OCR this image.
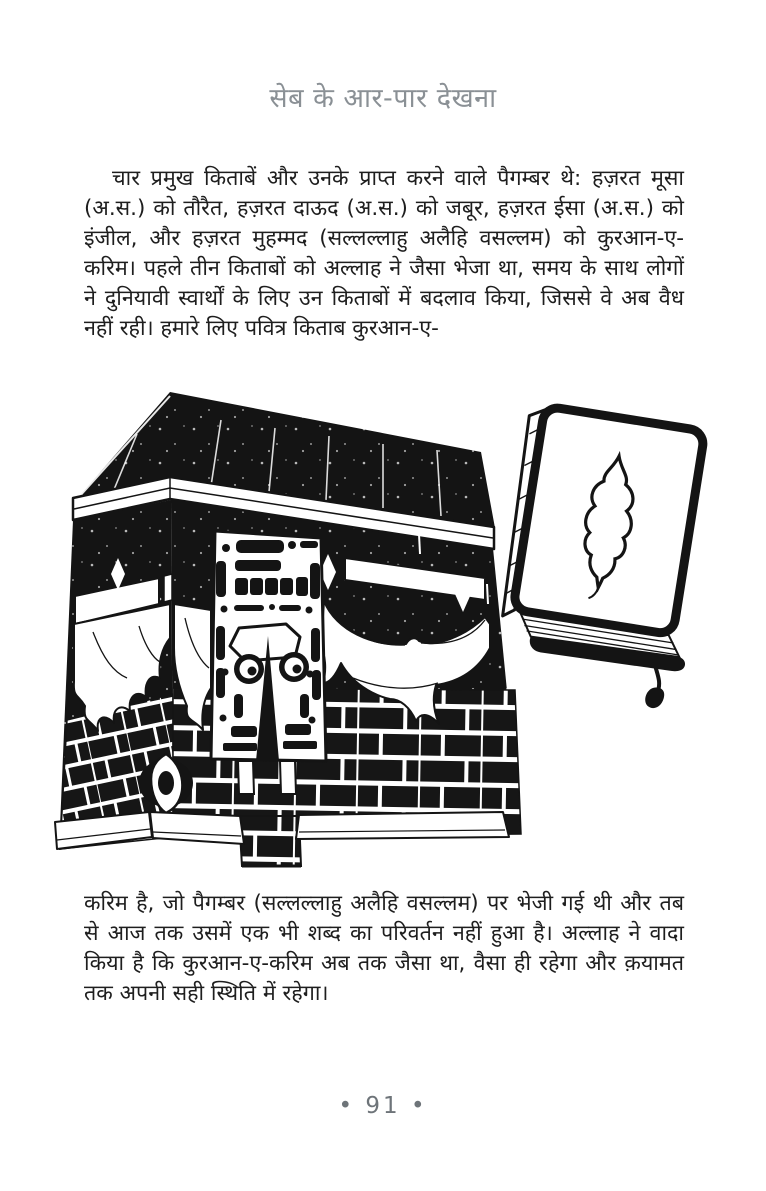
सेब के आर-पार देखना

चार प्रमुख किताबें और उनके प्राप्त करने वाले पैगम्बर थे: हज़रत मूसा (अ.स.) को तौरैत, हज़रत दाऊद (अ.स.) को जबूर, हज़रत ईसा (अ.स.) को इंजील, और हज़रत मुहम्मद (सल्लल्लाहु अलैहि वसल्लम) को कुरआन-ए-करिम। पहले तीन किताबों को अल्लाह ने जैसा भेजा था, समय के साथ लोगों ने दुनियावी स्वार्थों के लिए उन किताबों में बदलाव किया, जिससे वे अब वैध नहीं रही। हमारे लिए पवित्र किताब कुरआन-ए-

करिम है, जो पैगम्बर (सल्लल्लाहु अलैहि वसल्लम) पर भेजी गई थी और तब से आज तक उसमें एक भी शब्द का परिवर्तन नहीं हुआ है। अल्लाह ने वादा किया है कि कुरआन-ए-करिम अब तक जैसा था, वैसा ही रहेगा और क़यामत तक अपनी सही स्थिति में रहेगा।

• 91 •
